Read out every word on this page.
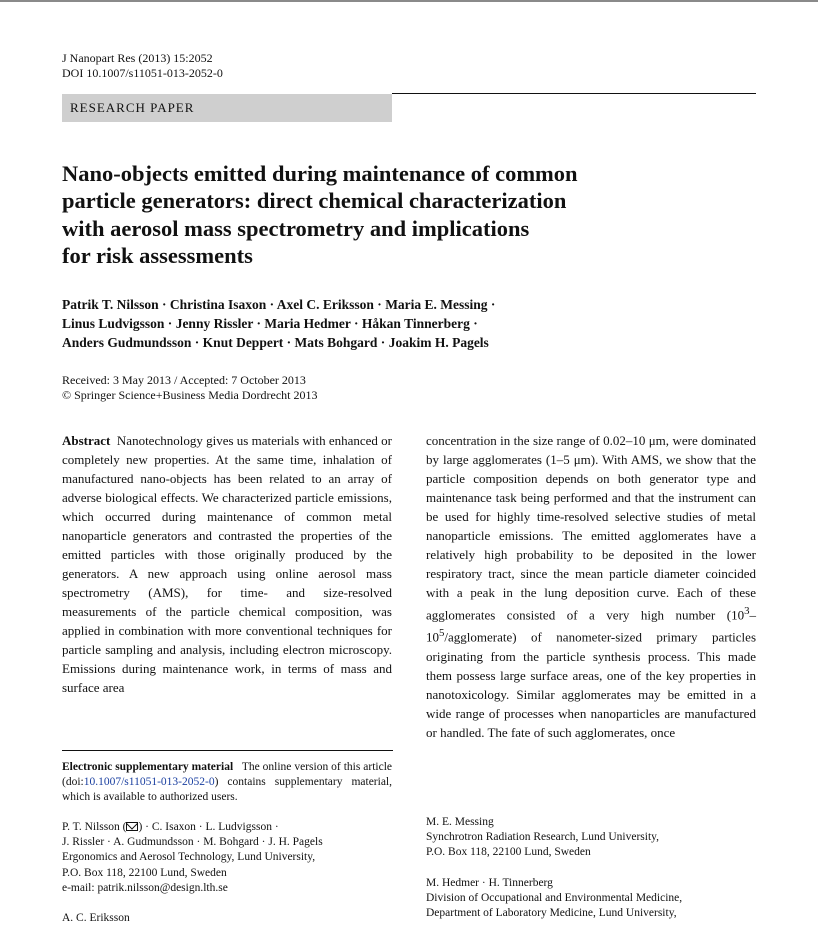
J Nanopart Res (2013) 15:2052
DOI 10.1007/s11051-013-2052-0
RESEARCH PAPER
Nano-objects emitted during maintenance of common
particle generators: direct chemical characterization
with aerosol mass spectrometry and implications
for risk assessments
Patrik T. Nilsson · Christina Isaxon · Axel C. Eriksson · Maria E. Messing ·
Linus Ludvigsson · Jenny Rissler · Maria Hedmer · Håkan Tinnerberg ·
Anders Gudmundsson · Knut Deppert · Mats Bohgard · Joakim H. Pagels
Received: 3 May 2013 / Accepted: 7 October 2013
© Springer Science+Business Media Dordrecht 2013
Abstract Nanotechnology gives us materials with enhanced or completely new properties. At the same time, inhalation of manufactured nano-objects has been related to an array of adverse biological effects. We characterized particle emissions, which occurred during maintenance of common metal nanoparticle generators and contrasted the properties of the emitted particles with those originally produced by the generators. A new approach using online aerosol mass spectrometry (AMS), for time- and size-resolved measurements of the particle chemical composition, was applied in combination with more conventional techniques for particle sampling and analysis, including electron microscopy. Emissions during maintenance work, in terms of mass and surface area
concentration in the size range of 0.02–10 μm, were dominated by large agglomerates (1–5 μm). With AMS, we show that the particle composition depends on both generator type and maintenance task being performed and that the instrument can be used for highly time-resolved selective studies of metal nanoparticle emissions. The emitted agglomerates have a relatively high probability to be deposited in the lower respiratory tract, since the mean particle diameter coincided with a peak in the lung deposition curve. Each of these agglomerates consisted of a very high number $(10^3-10^5/agglomerate)$ of nanometer-sized primary particles originating from the particle synthesis process. This made them possess large surface areas, one of the key properties in nanotoxicology. Similar agglomerates may be emitted in a wide range of processes when nanoparticles are manufactured or handled. The fate of such agglomerates, once
Electronic supplementary material The online version of this article (doi:10.1007/s11051-013-2052-0) contains supplementary material, which is available to authorized users.
P. T. Nilsson ( ) · C. Isaxon · L. Ludvigsson ·
J. Rissler · A. Gudmundsson · M. Bohgard · J. H. Pagels
Ergonomics and Aerosol Technology, Lund University,
P.O. Box 118, 22100 Lund, Sweden
e-mail: patrik.nilsson@design.lth.se
M. E. Messing
Synchrotron Radiation Research, Lund University,
P.O. Box 118, 22100 Lund, Sweden
M. Hedmer · H. Tinnerberg
Division of Occupational and Environmental Medicine,
Department of Laboratory Medicine, Lund University,
A. C. Eriksson
